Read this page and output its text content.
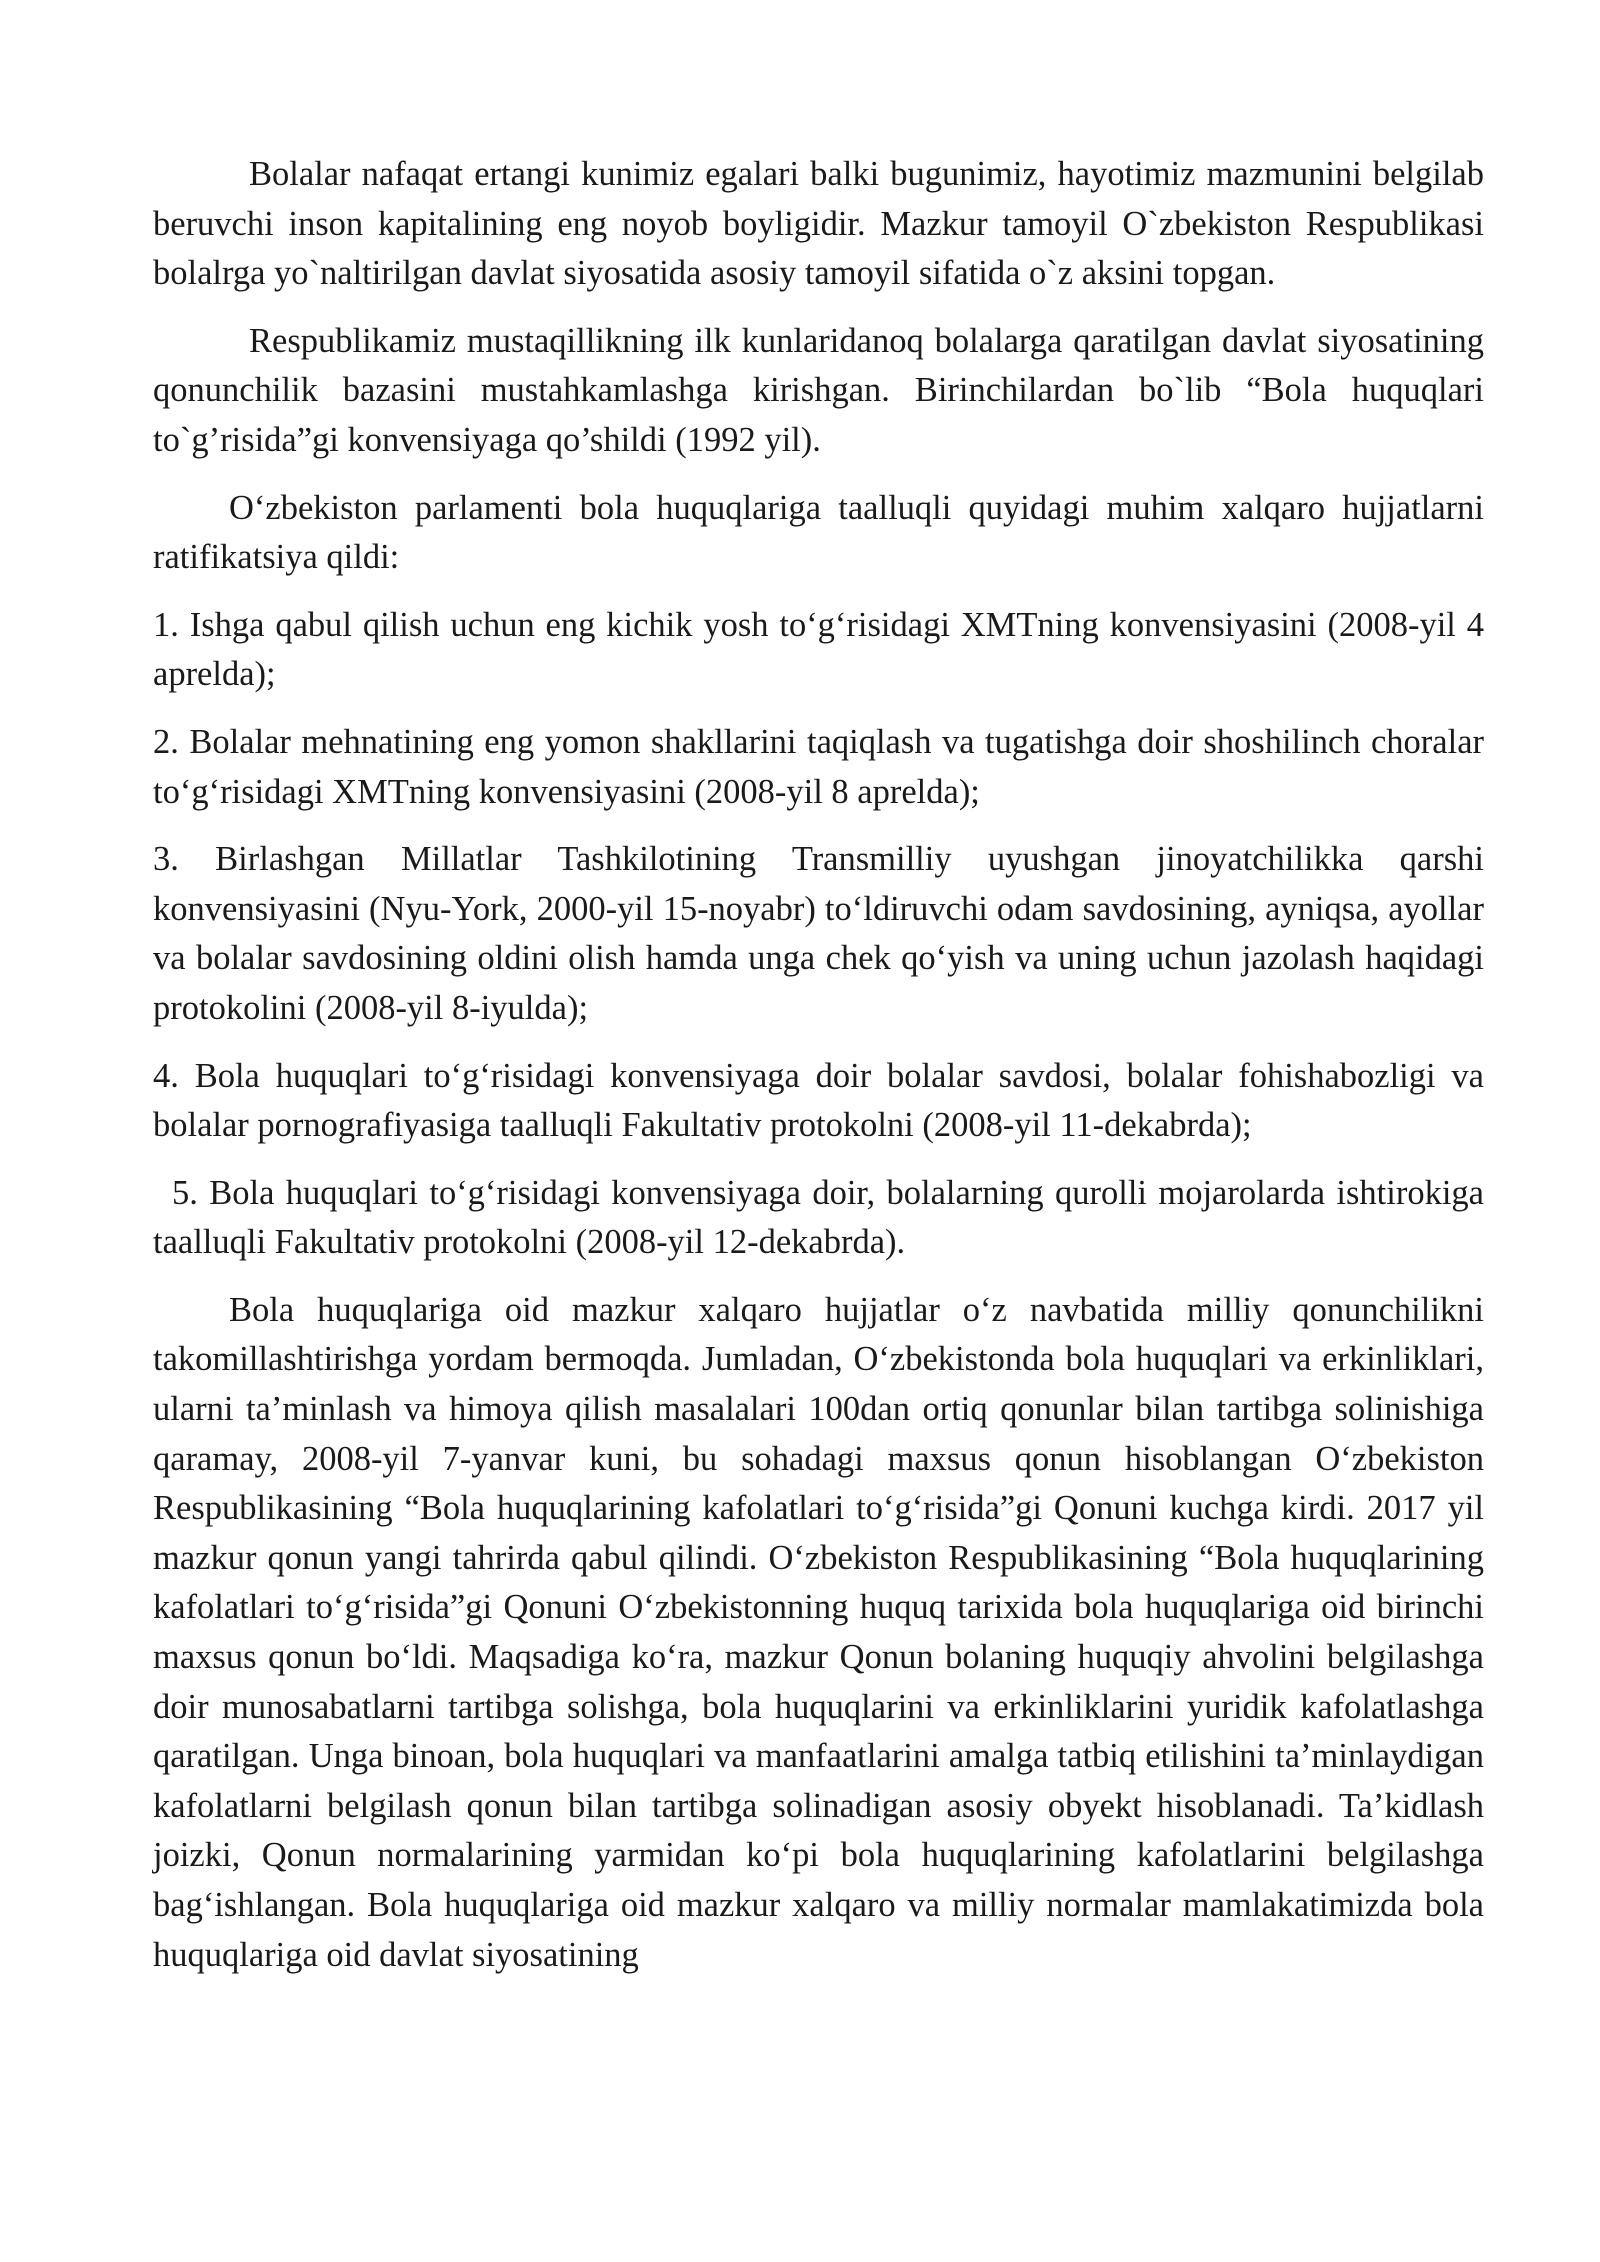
Bolalar nafaqat ertangi kunimiz egalari balki bugunimiz, hayotimiz mazmunini belgilab beruvchi inson kapitalining eng noyob boyligidir. Mazkur tamoyil O`zbekiston Respublikasi bolalrga yo`naltirilgan davlat siyosatida asosiy tamoyil sifatida o`z aksini topgan.

Respublikamiz mustaqillikning ilk kunlaridanoq bolalarga qaratilgan davlat siyosatining qonunchilik bazasini mustahkamlashga kirishgan. Birinchilardan bo`lib “Bola huquqlari to`g’risida”gi konvensiyaga qo’shildi (1992 yil).

O‘zbekiston parlamenti bola huquqlariga taalluqli quyidagi muhim xalqaro hujjatlarni ratifikatsiya qildi:

1. Ishga qabul qilish uchun eng kichik yosh to‘g‘risidagi XMTning konvensiyasini (2008-yil 4 aprelda);

2. Bolalar mehnatining eng yomon shakllarini taqiqlash va tugatishga doir shoshilinch choralar to‘g‘risidagi XMTning konvensiyasini (2008-yil 8 aprelda);

3. Birlashgan Millatlar Tashkilotining Transmilliy uyushgan jinoyatchilikka qarshi konvensiyasini (Nyu-York, 2000-yil 15-noyabr) to‘ldiruvchi odam savdosining, ayniqsa, ayollar va bolalar savdosining oldini olish hamda unga chek qo‘yish va uning uchun jazolash haqidagi protokolini (2008-yil 8-iyulda);

4. Bola huquqlari to‘g‘risidagi konvensiyaga doir bolalar savdosi, bolalar fohishabozligi va bolalar pornografiyasiga taalluqli Fakultativ protokolni (2008-yil 11-dekabrda);

5. Bola huquqlari to‘g‘risidagi konvensiyaga doir, bolalarning qurolli mojarolarda ishtirokiga taalluqli Fakultativ protokolni (2008-yil 12-dekabrda).

Bola huquqlariga oid mazkur xalqaro hujjatlar o‘z navbatida milliy qonunchilikni takomillashtirishga yordam bermoqda. Jumladan, O‘zbekistonda bola huquqlari va erkinliklari, ularni ta’minlash va himoya qilish masalalari 100dan ortiq qonunlar bilan tartibga solinishiga qaramay, 2008-yil 7-yanvar kuni, bu sohadagi maxsus qonun hisoblangan O‘zbekiston Respublikasining “Bola huquqlarining kafolatlari to‘g‘risida”gi Qonuni kuchga kirdi. 2017 yil mazkur qonun yangi tahrirda qabul qilindi. O‘zbekiston Respublikasining “Bola huquqlarining kafolatlari to‘g‘risida”gi Qonuni O‘zbekistonning huquq tarixida bola huquqlariga oid birinchi maxsus qonun bo‘ldi. Maqsadiga ko‘ra, mazkur Qonun bolaning huquqiy ahvolini belgilashga doir munosabatlarni tartibga solishga, bola huquqlarini va erkinliklarini yuridik kafolatlashga qaratilgan. Unga binoan, bola huquqlari va manfaatlarini amalga tatbiq etilishini ta’minlaydigan kafolatlarni belgilash qonun bilan tartibga solinadigan asosiy obyekt hisoblanadi. Ta’kidlash joizki, Qonun normalarining yarmidan ko‘pi bola huquqlarining kafolatlarini belgilashga bag‘ishlangan. Bola huquqlariga oid mazkur xalqaro va milliy normalar mamlakatimizda bola huquqlariga oid davlat siyosatining
